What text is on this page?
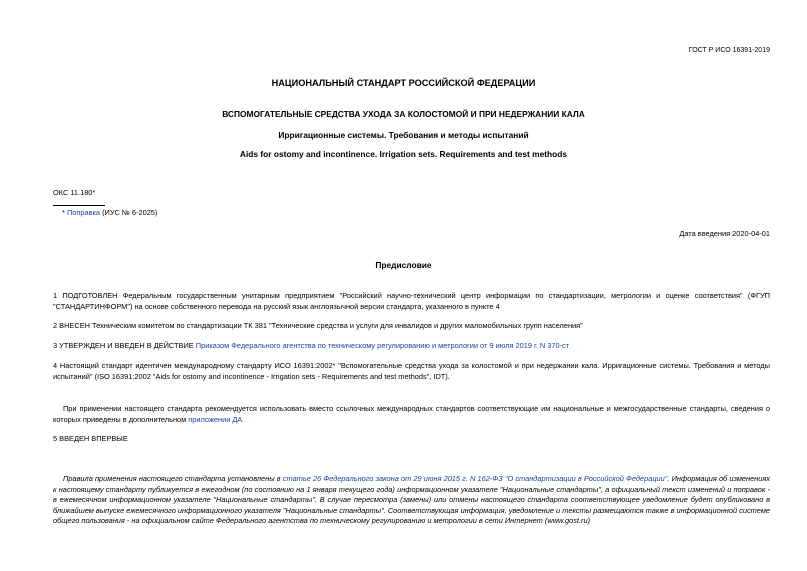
ГОСТ Р ИСО 16391-2019
НАЦИОНАЛЬНЫЙ СТАНДАРТ РОССИЙСКОЙ ФЕДЕРАЦИИ
ВСПОМОГАТЕЛЬНЫЕ СРЕДСТВА УХОДА ЗА КОЛОСТОМОЙ И ПРИ НЕДЕРЖАНИИ КАЛА
Ирригационные системы. Требования и методы испытаний
Aids for ostomy and incontinence. Irrigation sets. Requirements and test methods
ОКС 11.180*
* Поправка (ИУС № 6-2025)
Дата введения 2020-04-01
Предисловие
1 ПОДГОТОВЛЕН Федеральным государственным унитарным предприятием "Российский научно-технический центр информации по стандартизации, метрологии и оценке соответствия" (ФГУП "СТАНДАРТИНФОРМ") на основе собственного перевода на русский язык англоязычной версии стандарта, указанного в пункте 4
2 ВНЕСЕН Техническим комитетом по стандартизации ТК 381 "Технические средства и услуги для инвалидов и других маломобильных групп населения"
3 УТВЕРЖДЕН И ВВЕДЕН В ДЕЙСТВИЕ Приказом Федерального агентства по техническому регулированию и метрологии от 9 июля 2019 г. N 370-ст
4 Настоящий стандарт идентичен международному стандарту ИСО 16391:2002* "Вспомогательные средства ухода за колостомой и при недержании кала. Ирригационные системы. Требования и методы испытаний" (ISO 16391:2002 "Aids for ostomy and incontinence - Irrigation sets - Requirements and test methods", IDT).
При применении настоящего стандарта рекомендуется использовать вместо ссылочных международных стандартов соответствующие им национальные и межгосударственные стандарты, сведения о которых приведены в дополнительном приложении ДА
5 ВВЕДЕН ВПЕРВЫЕ
Правила применения настоящего стандарта установлены в статье 26 Федерального закона от 29 июня 2015 г. N 162-ФЗ "О стандартизации в Российской Федерации". Информация об изменениях к настоящему стандарту публикуется в ежегодном (по состоянию на 1 января текущего года) информационном указателе "Национальные стандарты", а официальный текст изменений и поправок - в ежемесячном информационном указателе "Национальные стандарты". В случае пересмотра (замены) или отмены настоящего стандарта соответствующее уведомление будет опубликовано в ближайшем выпуске ежемесячного информационного указателя "Национальные стандарты". Соответствующая информация, уведомление и тексты размещаются также в информационной системе общего пользования - на официальном сайте Федерального агентства по техническому регулированию и метрологии в сети Интернет (www.gost.ru)
